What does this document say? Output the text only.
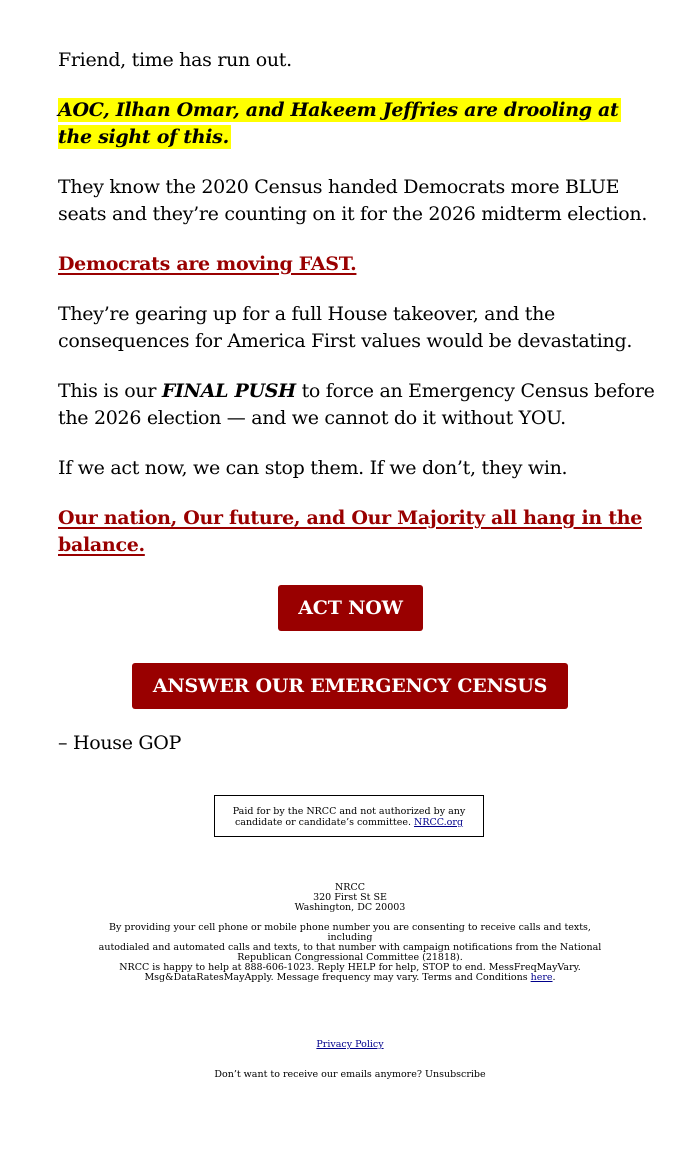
Friend, time has run out.

AOC, Ilhan Omar, and Hakeem Jeffries are drooling at
the sight of this.

They know the 2020 Census handed Democrats more BLUE
seats and they’re counting on it for the 2026 midterm election.

Democrats are moving FAST.

They’re gearing up for a full House takeover, and the
consequences for America First values would be devastating.

This is our FINAL PUSH to force an Emergency Census before
the 2026 election — and we cannot do it without YOU.

If we act now, we can stop them. If we don’t, they win.

Our nation, Our future, and Our Majority all hang in the
balance.

– House GOP

ACT NOW
ANSWER OUR EMERGENCY CENSUS
Paid for by the NRCC and not authorized by any
candidate or candidate’s committee. NRCC.org
NRCC
320 First St SE
Washington, DC 20003
By providing your cell phone or mobile phone number you are consenting to receive calls and texts, including
autodialed and automated calls and texts, to that number with campaign notifications from the National
Republican Congressional Committee (21818).
NRCC is happy to help at 888-606-1023. Reply HELP for help, STOP to end. MessFreqMayVary.
Msg&DataRatesMayApply. Message frequency may vary. Terms and Conditions here.
Privacy Policy
Don’t want to receive our emails anymore? Unsubscribe
